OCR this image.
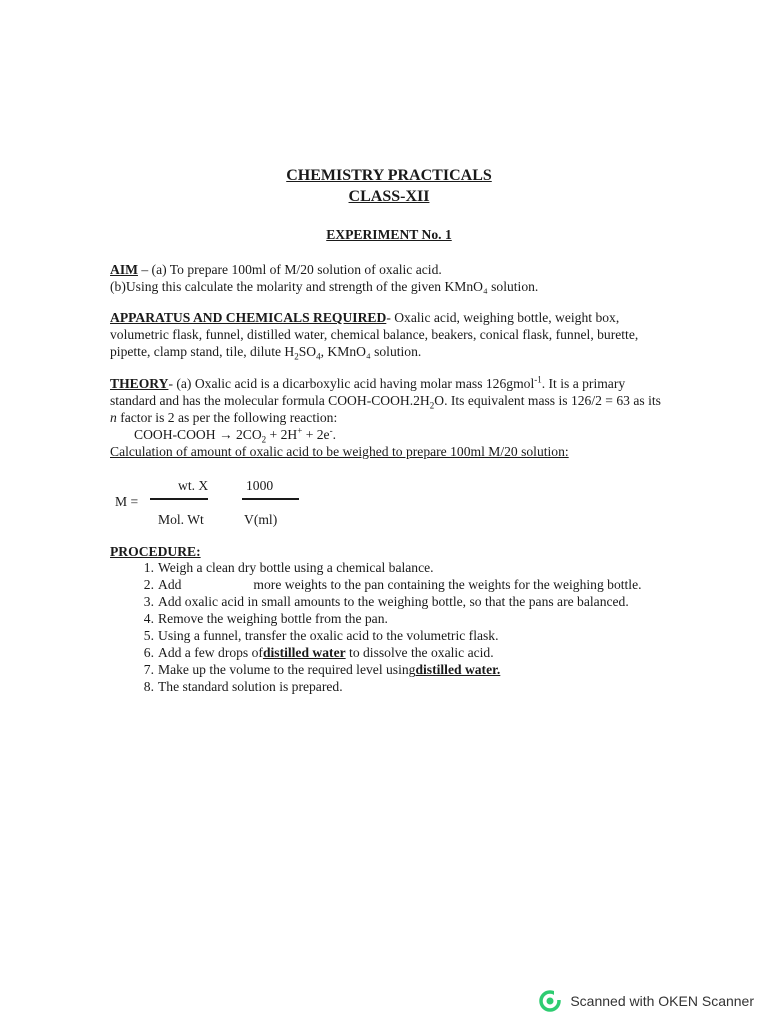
CHEMISTRY PRACTICALS
CLASS-XII
EXPERIMENT No. 1
AIM – (a) To prepare 100ml of M/20 solution of oxalic acid.
(b)Using this calculate the molarity and strength of the given KMnO₄ solution.
APPARATUS AND CHEMICALS REQUIRED- Oxalic acid, weighing bottle, weight box, volumetric flask, funnel, distilled water, chemical balance, beakers, conical flask, funnel, burette, pipette, clamp stand, tile, dilute $H_2SO_4$, KMnO₄ solution.
THEORY- (a) Oxalic acid is a dicarboxylic acid having molar mass 126gmol$^{-1}$. It is a primary standard and has the molecular formula COOH-$COOH.2H_2O$. Its equivalent mass is 126/2 = 63 as its n factor is 2 as per the following reaction:
COOH-COOH → $2CO_2 + 2H^+ + 2e^-$.
Calculation of amount of oxalic acid to be weighed to prepare 100ml M/20 solution:
M =
wt. X
Mol. Wt
1000
V(ml)
PROCEDURE:
1. Weigh a clean dry bottle using a chemical balance.
2. Add	more weights to the pan containing the weights for the weighing bottle.
3. Add oxalic acid in small amounts to the weighing bottle, so that the pans are balanced.
4. Remove the weighing bottle from the pan.
5. Using a funnel, transfer the oxalic acid to the volumetric flask.
6. Add a few drops ofdistilled water to dissolve the oxalic acid.
7. Make up the volume to the required level usingdistilled water.
8. The standard solution is prepared.
Scanned with OKEN Scanner
